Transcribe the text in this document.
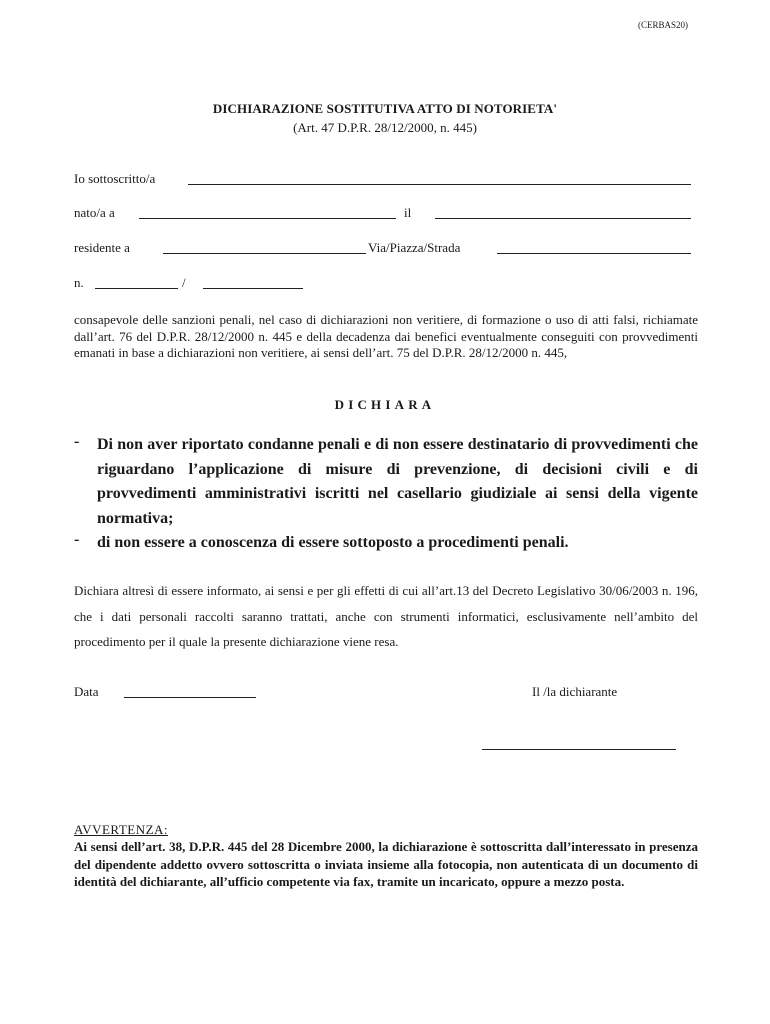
(CERBAS20)
DICHIARAZIONE SOSTITUTIVA ATTO DI NOTORIETA'
(Art. 47 D.P.R. 28/12/2000, n. 445)
Io sottoscritto/a
nato/a a	il
residente a	Via/Piazza/Strada
n.	/
consapevole delle sanzioni penali, nel caso di dichiarazioni non veritiere, di formazione o uso di atti falsi, richiamate dall’art. 76 del D.P.R. 28/12/2000 n. 445 e della decadenza dai benefici eventualmente conseguiti con provvedimenti emanati in base a dichiarazioni non veritiere, ai sensi dell’art. 75 del D.P.R. 28/12/2000 n. 445,
DICHIARA
- Di non aver riportato condanne penali e di non essere destinatario di provvedimenti che riguardano l’applicazione di misure di prevenzione, di decisioni civili e di provvedimenti amministrativi iscritti nel casellario giudiziale ai sensi della vigente normativa;
- di non essere a conoscenza di essere sottoposto a procedimenti penali.
Dichiara altresì di essere informato, ai sensi e per gli effetti di cui all’art.13 del Decreto Legislativo 30/06/2003 n. 196, che i dati personali raccolti saranno trattati, anche con strumenti informatici, esclusivamente nell’ambito del procedimento per il quale la presente dichiarazione viene resa.
Data	Il /la dichiarante
AVVERTENZA:
Ai sensi dell’art. 38, D.P.R. 445 del 28 Dicembre 2000, la dichiarazione è sottoscritta dall’interessato in presenza del dipendente addetto ovvero sottoscritta o inviata insieme alla fotocopia, non autenticata di un documento di identità del dichiarante, all’ufficio competente via fax, tramite un incaricato, oppure a mezzo posta.
